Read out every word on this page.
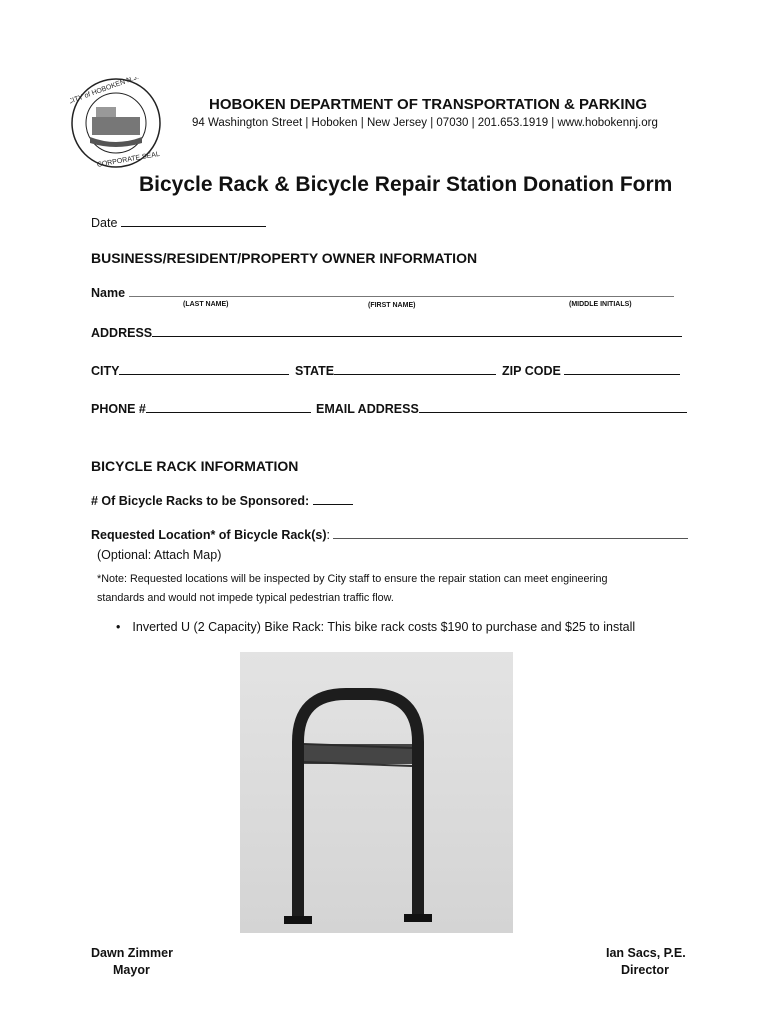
CITY of HOBOKEN N.J.
CORPORATE SEAL
HOBOKEN DEPARTMENT OF TRANSPORTATION & PARKING
94 Washington Street | Hoboken | New Jersey | 07030 | 201.653.1919 | www.hobokennj.org
Bicycle Rack & Bicycle Repair Station Donation Form
Date
BUSINESS/RESIDENT/PROPERTY OWNER INFORMATION
Name
(LAST NAME)	(FIRST NAME)	(MIDDLE INITIALS)
ADDRESS
CITY	STATE	ZIP CODE
PHONE #	EMAIL ADDRESS
BICYCLE RACK INFORMATION
# Of Bicycle Racks to be Sponsored:
Requested Location* of Bicycle Rack(s):
(Optional: Attach Map)
*Note: Requested locations will be inspected by City staff to ensure the repair station can meet engineering
standards and would not impede typical pedestrian traffic flow.
• Inverted U (2 Capacity) Bike Rack: This bike rack costs $190 to purchase and $25 to install
Dawn Zimmer
Mayor
Ian Sacs, P.E.
Director
